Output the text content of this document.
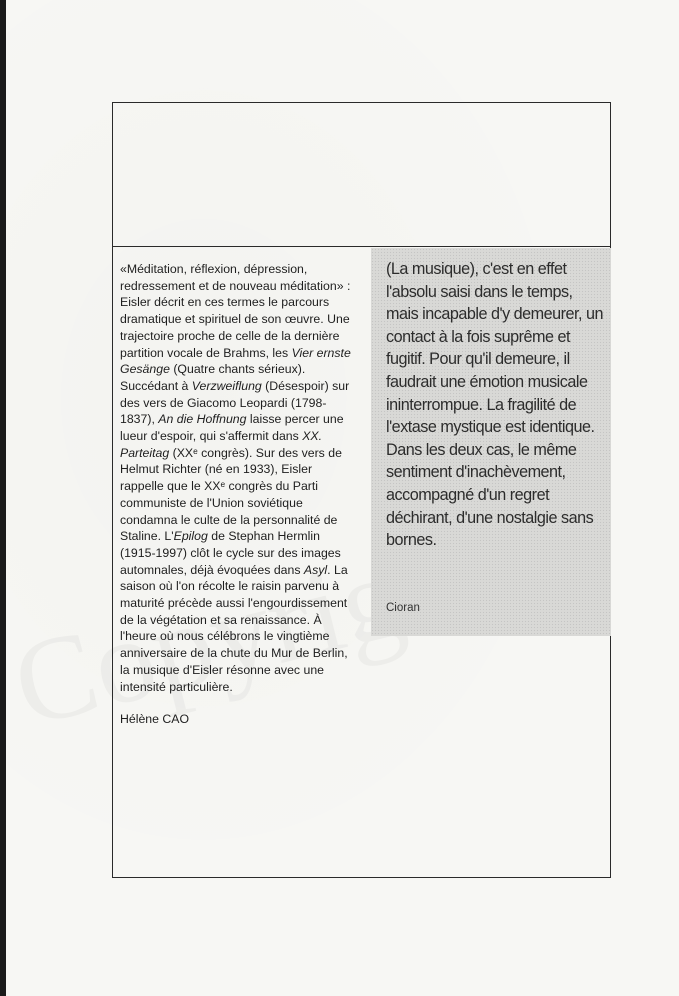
«Méditation, réflexion, dépression, redressement et de nouveau méditation» : Eisler décrit en ces termes le parcours dramatique et spirituel de son œuvre. Une trajectoire proche de celle de la dernière partition vocale de Brahms, les Vier ernste Gesänge (Quatre chants sérieux). Succédant à Verzweiflung (Désespoir) sur des vers de Giacomo Leopardi (1798-1837), An die Hoffnung laisse percer une lueur d'espoir, qui s'affermit dans XX. Parteitag (XXᵉ congrès). Sur des vers de Helmut Richter (né en 1933), Eisler rappelle que le XXᵉ congrès du Parti communiste de l'Union soviétique condamna le culte de la personnalité de Staline. L'Epilog de Stephan Hermlin (1915-1997) clôt le cycle sur des images automnales, déjà évoquées dans Asyl. La saison où l'on récolte le raisin parvenu à maturité précède aussi l'engourdissement de la végétation et sa renaissance. À l'heure où nous célébrons le vingtième anniversaire de la chute du Mur de Berlin, la musique d'Eisler résonne avec une intensité particulière.

Hélène CAO

(La musique), c'est en effet l'absolu saisi dans le temps, mais incapable d'y demeurer, un contact à la fois suprême et fugitif. Pour qu'il demeure, il faudrait une émotion musicale ininterrompue. La fragilité de l'extase mystique est identique. Dans les deux cas, le même sentiment d'inachèvement, accompagné d'un regret déchirant, d'une nostalgie sans bornes.

Cioran
